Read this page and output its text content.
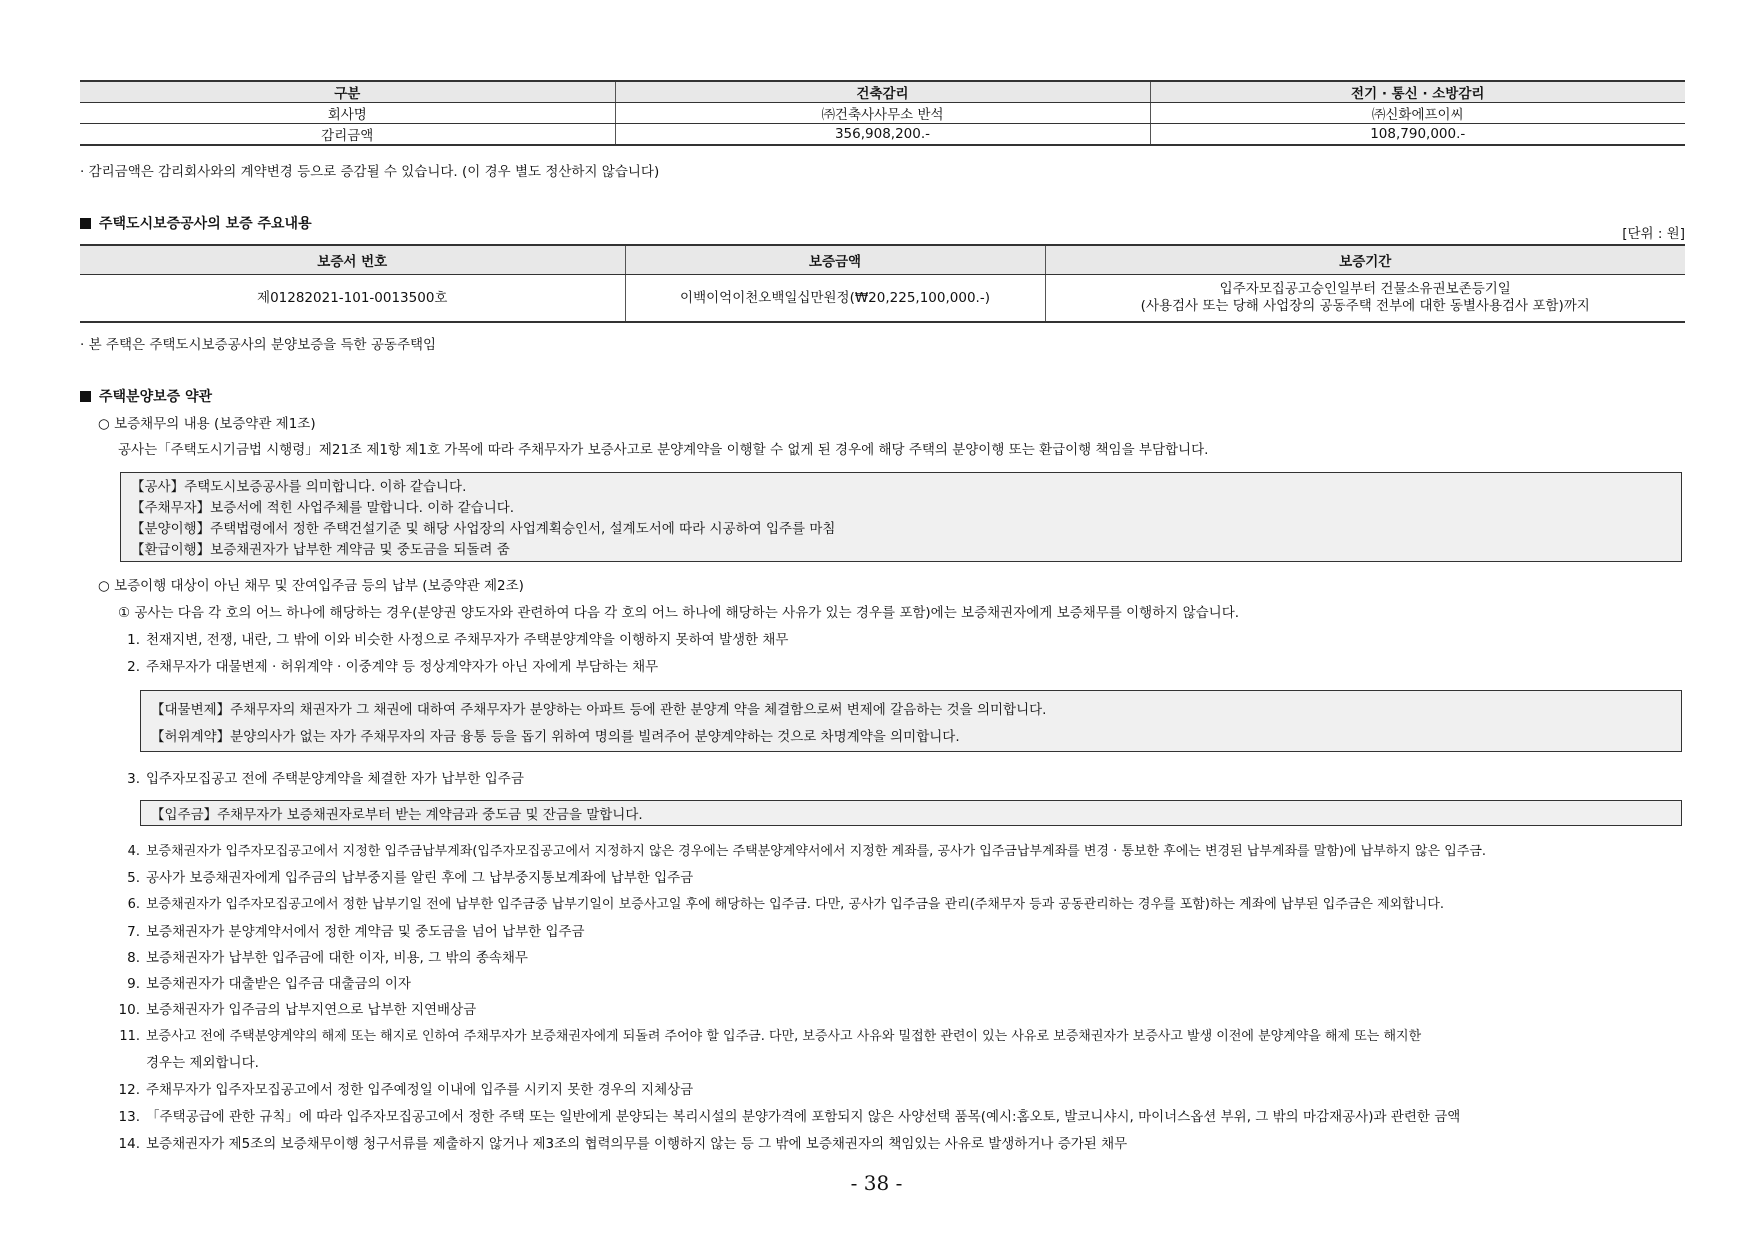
구분	건축감리	전기 · 통신 · 소방감리
회사명	㈜건축사사무소 반석	㈜신화에프이씨
감리금액	356,908,200.-	108,790,000.-
· 감리금액은 감리회사와의 계약변경 등으로 증감될 수 있습니다. (이 경우 별도 정산하지 않습니다)
주택도시보증공사의 보증 주요내용
[단위 : 원]
보증서 번호	보증금액	보증기간
제01282021-101-0013500호	이백이억이천오백일십만원정(₩20,225,100,000.-)	입주자모집공고승인일부터 건물소유권보존등기일
(사용검사 또는 당해 사업장의 공동주택 전부에 대한 동별사용검사 포함)까지
· 본 주택은 주택도시보증공사의 분양보증을 득한 공동주택임
주택분양보증 약관
○ 보증채무의 내용 (보증약관 제1조)
공사는「주택도시기금법 시행령」제21조 제1항 제1호 가목에 따라 주채무자가 보증사고로 분양계약을 이행할 수 없게 된 경우에 해당 주택의 분양이행 또는 환급이행 책임을 부담합니다.
【공사】주택도시보증공사를 의미합니다. 이하 같습니다.
【주채무자】보증서에 적힌 사업주체를 말합니다. 이하 같습니다.
【분양이행】주택법령에서 정한 주택건설기준 및 해당 사업장의 사업계획승인서, 설계도서에 따라 시공하여 입주를 마침
【환급이행】보증채권자가 납부한 계약금 및 중도금을 되돌려 줌
○ 보증이행 대상이 아닌 채무 및 잔여입주금 등의 납부 (보증약관 제2조)
① 공사는 다음 각 호의 어느 하나에 해당하는 경우(분양권 양도자와 관련하여 다음 각 호의 어느 하나에 해당하는 사유가 있는 경우를 포함)에는 보증채권자에게 보증채무를 이행하지 않습니다.
1. 천재지변, 전쟁, 내란, 그 밖에 이와 비슷한 사정으로 주채무자가 주택분양계약을 이행하지 못하여 발생한 채무
2. 주채무자가 대물변제 · 허위계약 · 이중계약 등 정상계약자가 아닌 자에게 부담하는 채무
【대물변제】주채무자의 채권자가 그 채권에 대하여 주채무자가 분양하는 아파트 등에 관한 분양계 약을 체결함으로써 변제에 갈음하는 것을 의미합니다.
【허위계약】분양의사가 없는 자가 주채무자의 자금 융통 등을 돕기 위하여 명의를 빌려주어 분양계약하는 것으로 차명계약을 의미합니다.
3. 입주자모집공고 전에 주택분양계약을 체결한 자가 납부한 입주금
【입주금】주채무자가 보증채권자로부터 받는 계약금과 중도금 및 잔금을 말합니다.
4. 보증채권자가 입주자모집공고에서 지정한 입주금납부계좌(입주자모집공고에서 지정하지 않은 경우에는 주택분양계약서에서 지정한 계좌를, 공사가 입주금납부계좌를 변경 · 통보한 후에는 변경된 납부계좌를 말함)에 납부하지 않은 입주금.
5. 공사가 보증채권자에게 입주금의 납부중지를 알린 후에 그 납부중지통보계좌에 납부한 입주금
6. 보증채권자가 입주자모집공고에서 정한 납부기일 전에 납부한 입주금중 납부기일이 보증사고일 후에 해당하는 입주금. 다만, 공사가 입주금을 관리(주채무자 등과 공동관리하는 경우를 포함)하는 계좌에 납부된 입주금은 제외합니다.
7. 보증채권자가 분양계약서에서 정한 계약금 및 중도금을 넘어 납부한 입주금
8. 보증채권자가 납부한 입주금에 대한 이자, 비용, 그 밖의 종속채무
9. 보증채권자가 대출받은 입주금 대출금의 이자
10. 보증채권자가 입주금의 납부지연으로 납부한 지연배상금
11. 보증사고 전에 주택분양계약의 해제 또는 해지로 인하여 주채무자가 보증채권자에게 되돌려 주어야 할 입주금. 다만, 보증사고 사유와 밀접한 관련이 있는 사유로 보증채권자가 보증사고 발생 이전에 분양계약을 해제 또는 해지한
경우는 제외합니다.
12. 주채무자가 입주자모집공고에서 정한 입주예정일 이내에 입주를 시키지 못한 경우의 지체상금
13. 「주택공급에 관한 규칙」에 따라 입주자모집공고에서 정한 주택 또는 일반에게 분양되는 복리시설의 분양가격에 포함되지 않은 사양선택 품목(예시:홈오토, 발코니샤시, 마이너스옵션 부위, 그 밖의 마감재공사)과 관련한 금액
14. 보증채권자가 제5조의 보증채무이행 청구서류를 제출하지 않거나 제3조의 협력의무를 이행하지 않는 등 그 밖에 보증채권자의 책임있는 사유로 발생하거나 증가된 채무
- 38 -
